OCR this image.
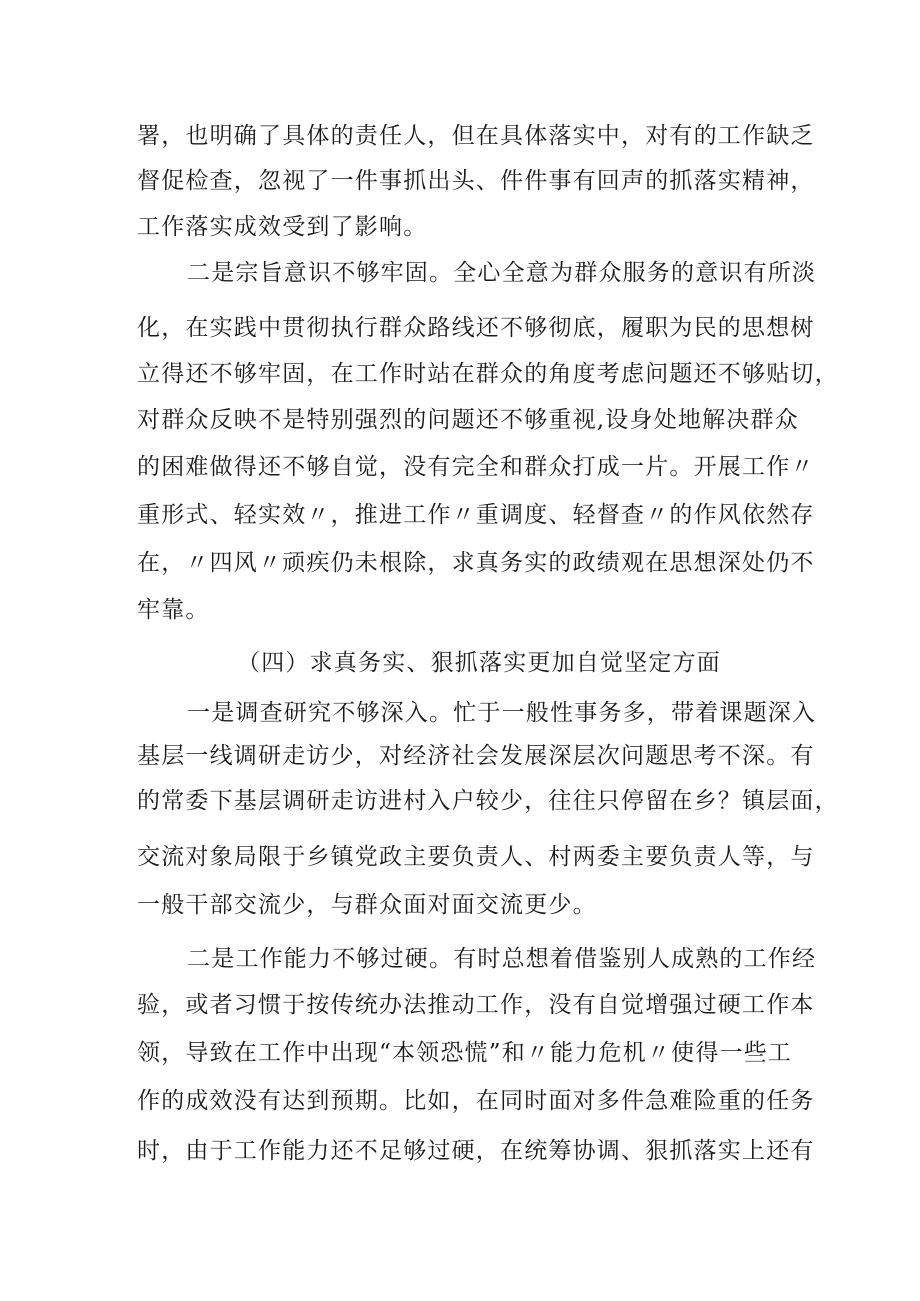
署，也明确了具体的责任人，但在具体落实中，对有的工作缺乏
督促检查，忽视了一件事抓出头、件件事有回声的抓落实精神，
工作落实成效受到了影响。
二是宗旨意识不够牢固。全心全意为群众服务的意识有所淡
化，在实践中贯彻执行群众路线还不够彻底，履职为民的思想树
立得还不够牢固，在工作时站在群众的角度考虑问题还不够贴切，
对群众反映不是特别强烈的问题还不够重视,设身处地解决群众
的困难做得还不够自觉，没有完全和群众打成一片。开展工作〃
重形式、轻实效〃，推进工作〃重调度、轻督查〃的作风依然存
在，〃四风〃顽疾仍未根除，求真务实的政绩观在思想深处仍不
牢靠。
（四）求真务实、狠抓落实更加自觉坚定方面
一是调查研究不够深入。忙于一般性事务多，带着课题深入
基层一线调研走访少，对经济社会发展深层次问题思考不深。有
的常委下基层调研走访进村入户较少，往往只停留在乡？镇层面，
交流对象局限于乡镇党政主要负责人、村两委主要负责人等，与
一般干部交流少，与群众面对面交流更少。
二是工作能力不够过硬。有时总想着借鉴别人成熟的工作经
验，或者习惯于按传统办法推动工作，没有自觉增强过硬工作本
领，导致在工作中出现“本领恐慌”和〃能力危机〃使得一些工
作的成效没有达到预期。比如，在同时面对多件急难险重的任务
时，由于工作能力还不足够过硬，在统筹协调、狠抓落实上还有
